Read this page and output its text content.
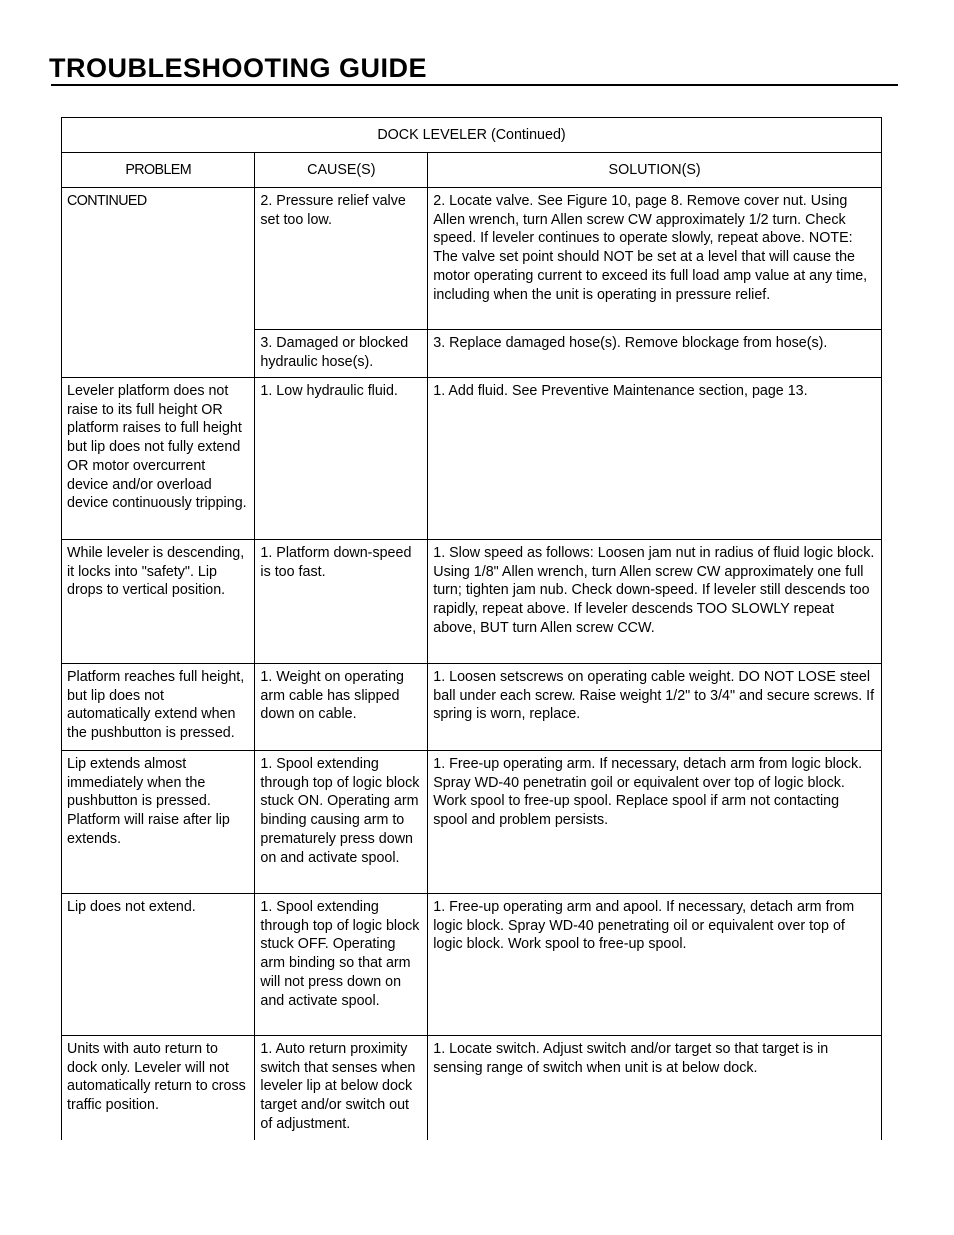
TROUBLESHOOTING GUIDE
DOCK LEVELER (Continued)		
PROBLEM	CAUSE(S)	SOLUTION(S)
CONTINUED	2. Pressure relief valve set too low.	2. Locate valve. See Figure 10, page 8. Remove cover nut. Using Allen wrench, turn Allen screw CW approximately 1/2 turn. Check speed. If leveler continues to operate slowly, repeat above. NOTE: The valve set point should NOT be set at a level that will cause the motor operating current to exceed its full load amp value at any time, including when the unit is operating in pressure relief.
	3. Damaged or blocked hydraulic hose(s).	3. Replace damaged hose(s). Remove blockage from hose(s).
Leveler platform does not raise to its full height OR platform raises to full height but lip does not fully extend OR motor overcurrent device and/or overload device continuously tripping.	1. Low hydraulic fluid.	1. Add fluid. See Preventive Maintenance section, page 13.
While leveler is descending, it locks into "safety". Lip drops to vertical position.	1. Platform down-speed is too fast.	1. Slow speed as follows: Loosen jam nut in radius of fluid logic block. Using 1/8" Allen wrench, turn Allen screw CW approximately one full turn; tighten jam nub. Check down-speed. If leveler still descends too rapidly, repeat above. If leveler descends TOO SLOWLY repeat above, BUT turn Allen screw CCW.
Platform reaches full height, but lip does not automatically extend when the pushbutton is pressed.	1. Weight on operating arm cable has slipped down on cable.	1. Loosen setscrews on operating cable weight. DO NOT LOSE steel ball under each screw. Raise weight 1/2" to 3/4" and secure screws. If spring is worn, replace.
Lip extends almost immediately when the pushbutton is pressed. Platform will raise after lip extends.	1. Spool extending through top of logic block stuck ON. Operating arm binding causing arm to prematurely press down on and activate spool.	1. Free-up operating arm. If necessary, detach arm from logic block. Spray WD-40 penetratin goil or equivalent over top of logic block. Work spool to free-up spool. Replace spool if arm not contacting spool and problem persists.
Lip does not extend.	1. Spool extending through top of logic block stuck OFF. Operating arm binding so that arm will not press down on and activate spool.	1. Free-up operating arm and apool. If necessary, detach arm from logic block. Spray WD-40 penetrating oil or equivalent over top of logic block. Work spool to free-up spool.
Units with auto return to dock only. Leveler will not automatically return to cross traffic position.	1. Auto return proximity switch that senses when leveler lip at below dock target and/or switch out of adjustment.	1. Locate switch. Adjust switch and/or target so that target is in sensing range of switch when unit is at below dock.
